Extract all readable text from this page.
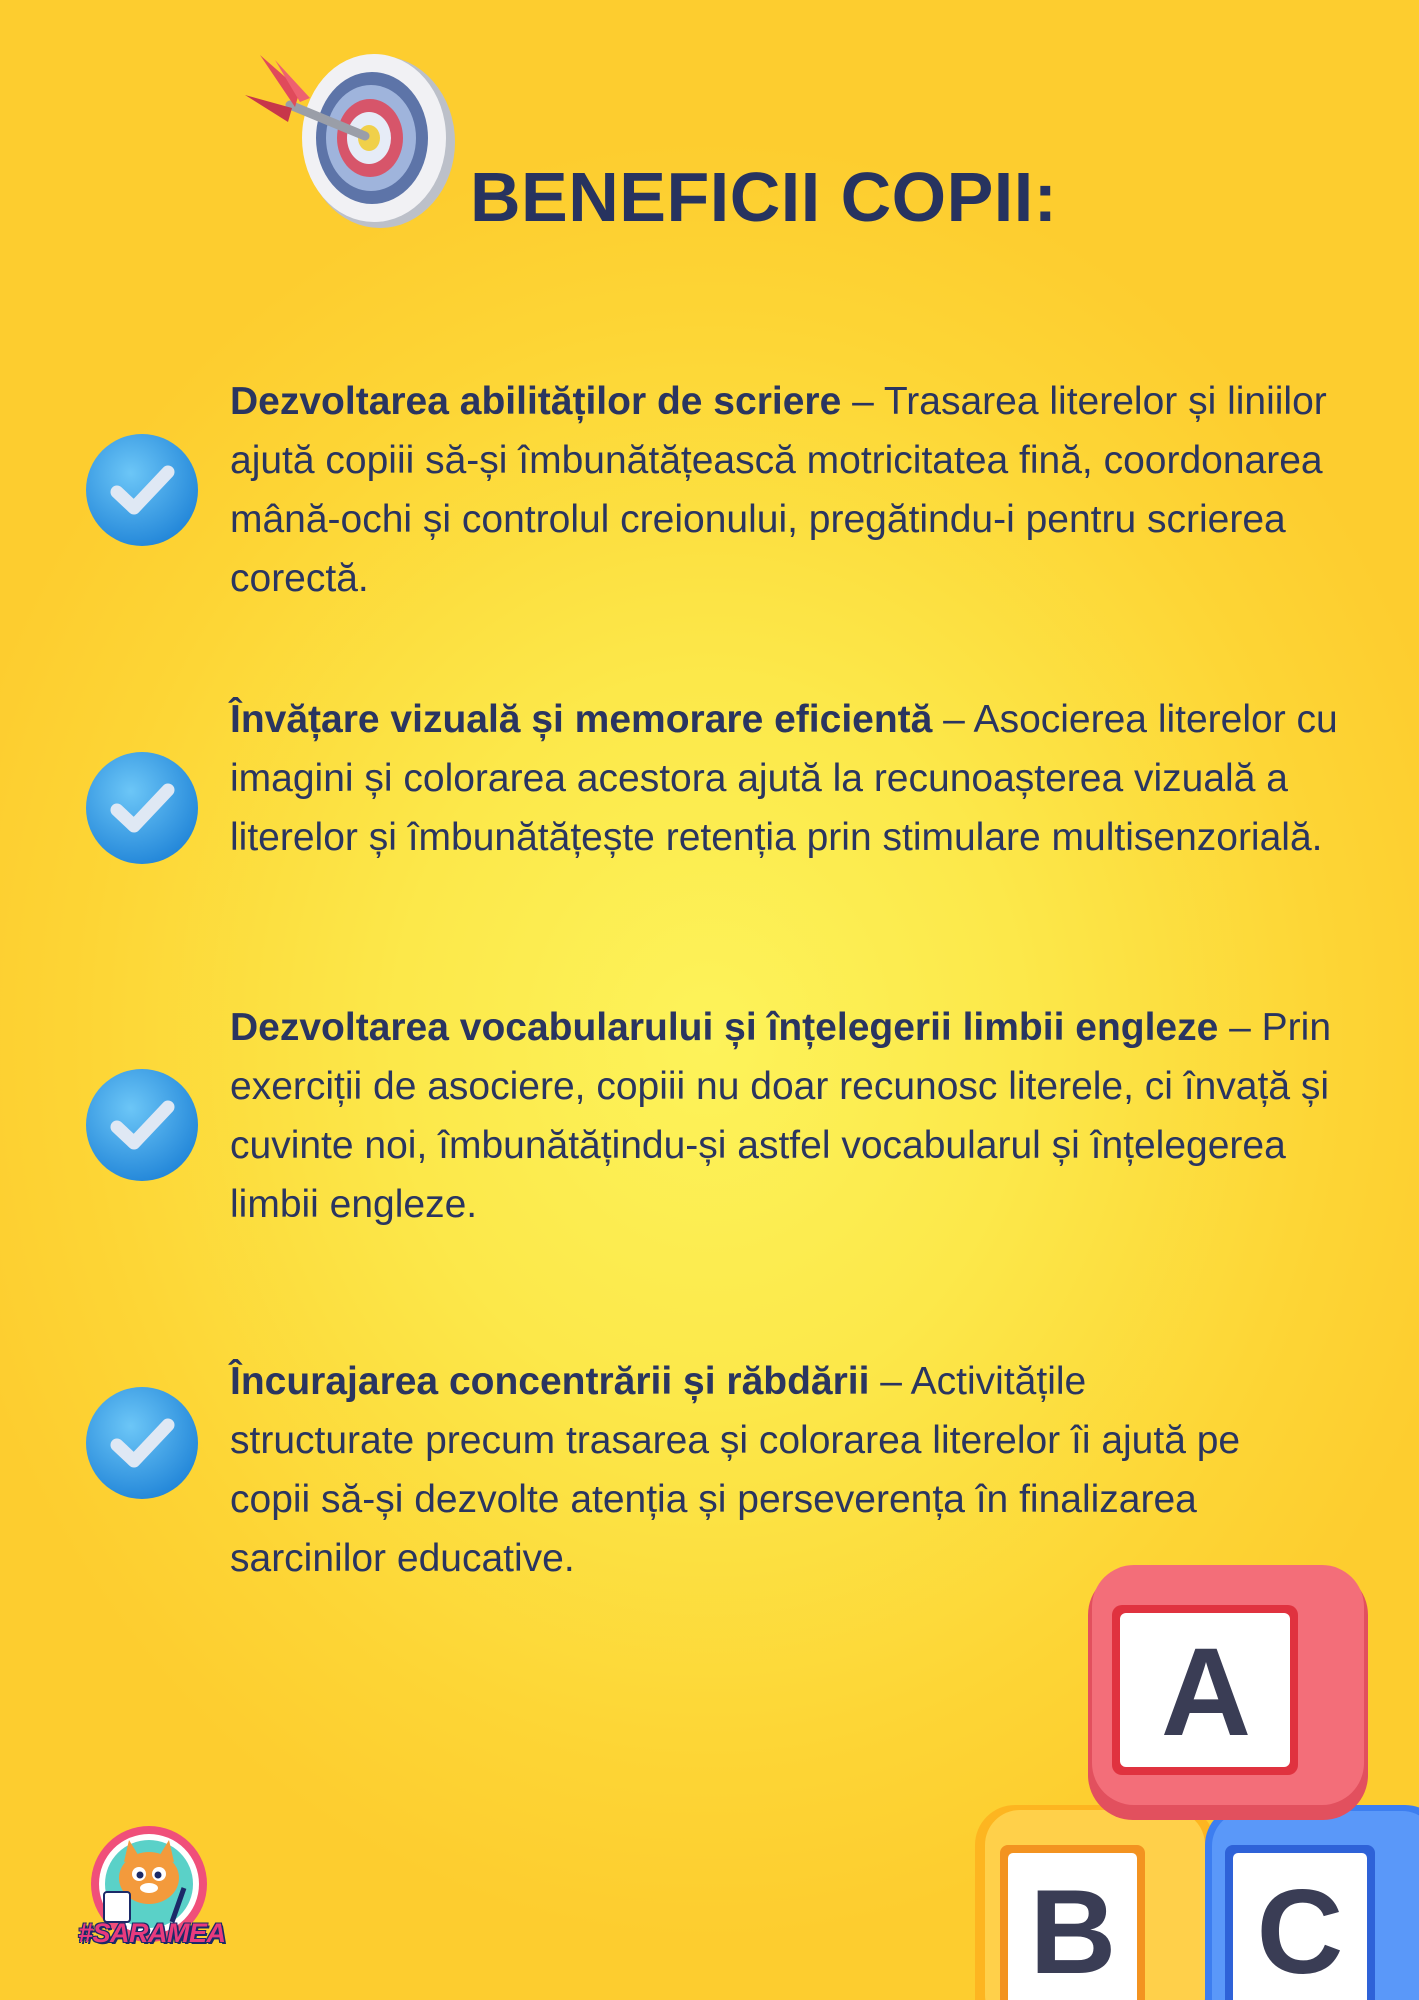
BENEFICII COPII:

Dezvoltarea abilităților de scriere – Trasarea literelor și liniilor ajută copiii să-și îmbunătățească motricitatea fină, coordonarea mână-ochi și controlul creionului, pregătindu-i pentru scrierea corectă.

Învățare vizuală și memorare eficientă – Asocierea literelor cu imagini și colorarea acestora ajută la recunoașterea vizuală a literelor și îmbunătățește retenția prin stimulare multisenzorială.

Dezvoltarea vocabularului și înțelegerii limbii engleze – Prin exerciții de asociere, copiii nu doar recunosc literele, ci învață și cuvinte noi, îmbunătățindu-și astfel vocabularul și înțelegerea limbii engleze.

Încurajarea concentrării și răbdării – Activitățile structurate precum trasarea și colorarea literelor îi ajută pe copii să-și dezvolte atenția și perseverența în finalizarea sarcinilor educative.

#SARAMEA	B C
A
